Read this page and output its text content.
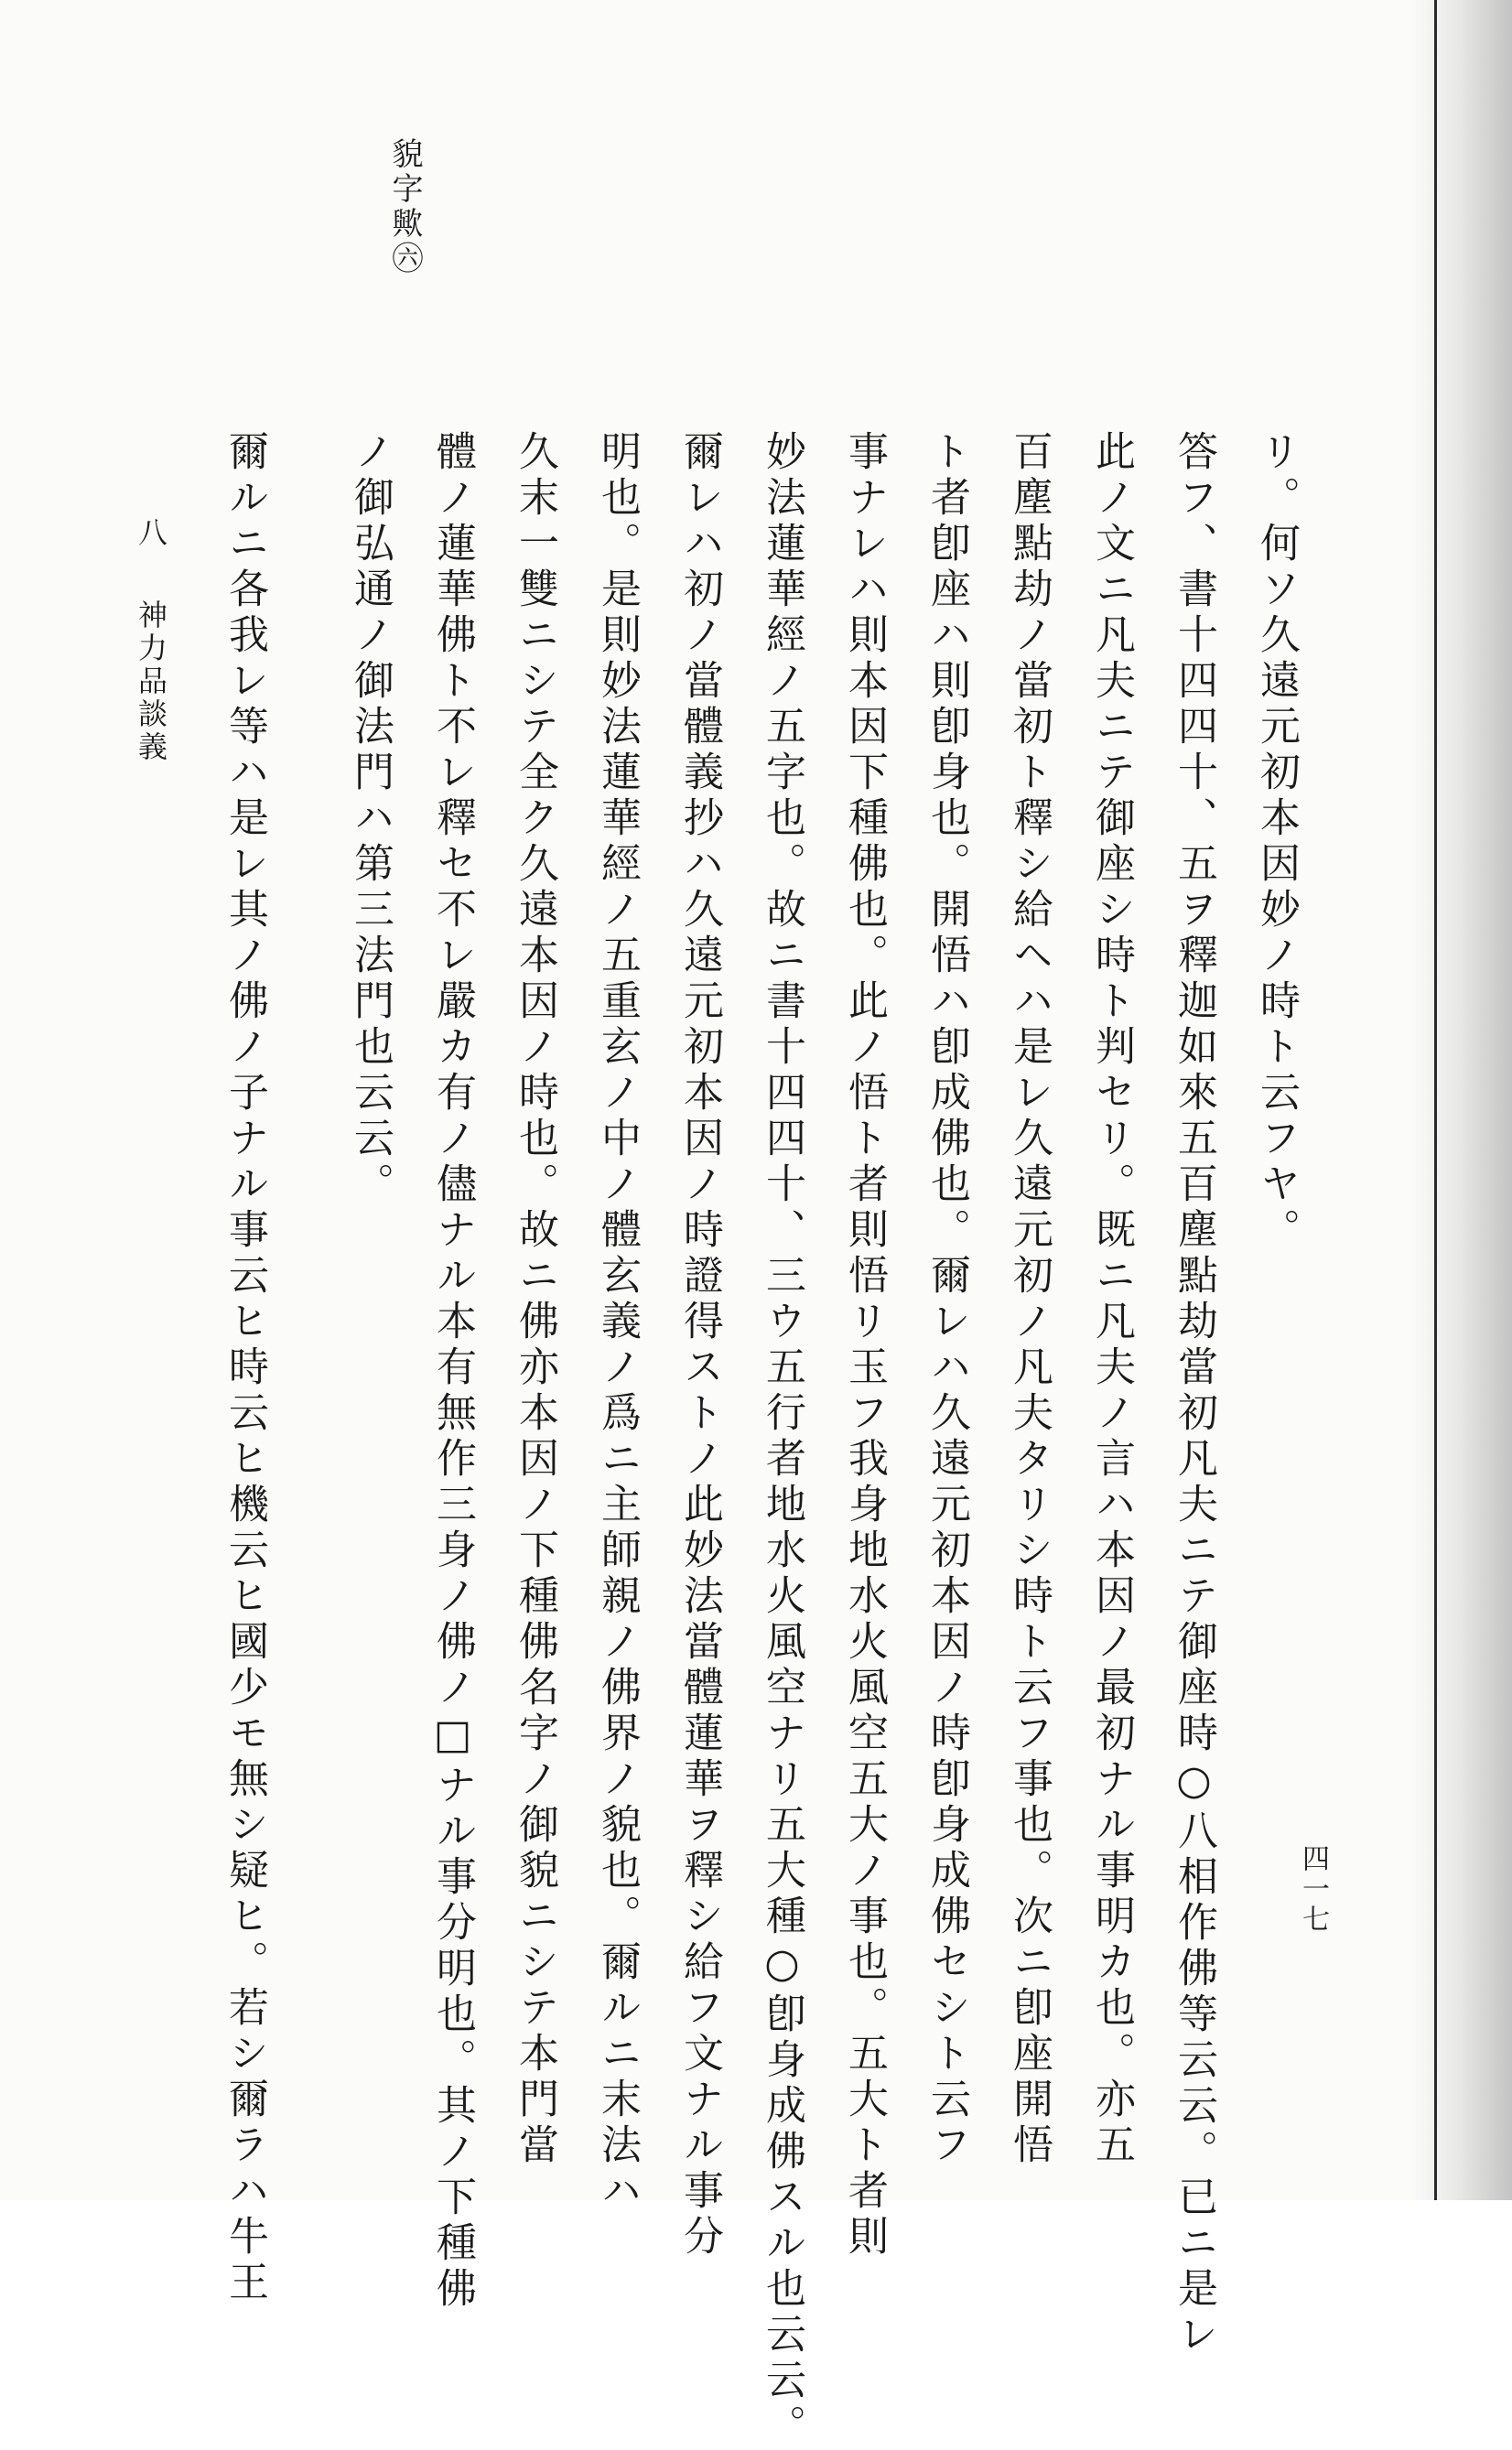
貌字歟㊅
四一七
リ。何ソ久遠元初本因妙ノ時ト云フヤ。
答フ、書十四四十、五ヲ釋迦如來五百塵點劫當初凡夫ニテ御座時○八相作佛等云云。已ニ是レ
此ノ文ニ凡夫ニテ御座シ時ト判セリ。既ニ凡夫ノ言ハ本因ノ最初ナル事明カ也。亦五
百塵點劫ノ當初ト釋シ給ヘハ是レ久遠元初ノ凡夫タリシ時ト云フ事也。次ニ卽座開悟
ト者卽座ハ則卽身也。開悟ハ卽成佛也。爾レハ久遠元初本因ノ時卽身成佛セシト云フ
事ナレハ則本因下種佛也。此ノ悟ト者則悟リ玉フ我身地水火風空五大ノ事也。五大ト者則
妙法蓮華經ノ五字也。故ニ書十四四十、三ウ五行者地水火風空ナリ五大種○卽身成佛スル也云云。
爾レハ初ノ當體義抄ハ久遠元初本因ノ時證得ストノ此妙法當體蓮華ヲ釋シ給フ文ナル事分
明也。是則妙法蓮華經ノ五重玄ノ中ノ體玄義ノ爲ニ主師親ノ佛界ノ貌也。爾ルニ末法ハ
久末一雙ニシテ全ク久遠本因ノ時也。故ニ佛亦本因ノ下種佛名字ノ御貌ニシテ本門當
體ノ蓮華佛ト不レ釋セ不レ嚴カ有ノ儘ナル本有無作三身ノ佛ノ□ナル事分明也。其ノ下種佛
ノ御弘通ノ御法門ハ第三法門也云云。
爾ルニ各我レ等ハ是レ其ノ佛ノ子ナル事云ヒ時云ヒ機云ヒ國少モ無シ疑ヒ。若シ爾ラハ牛王
八
神力品談義
